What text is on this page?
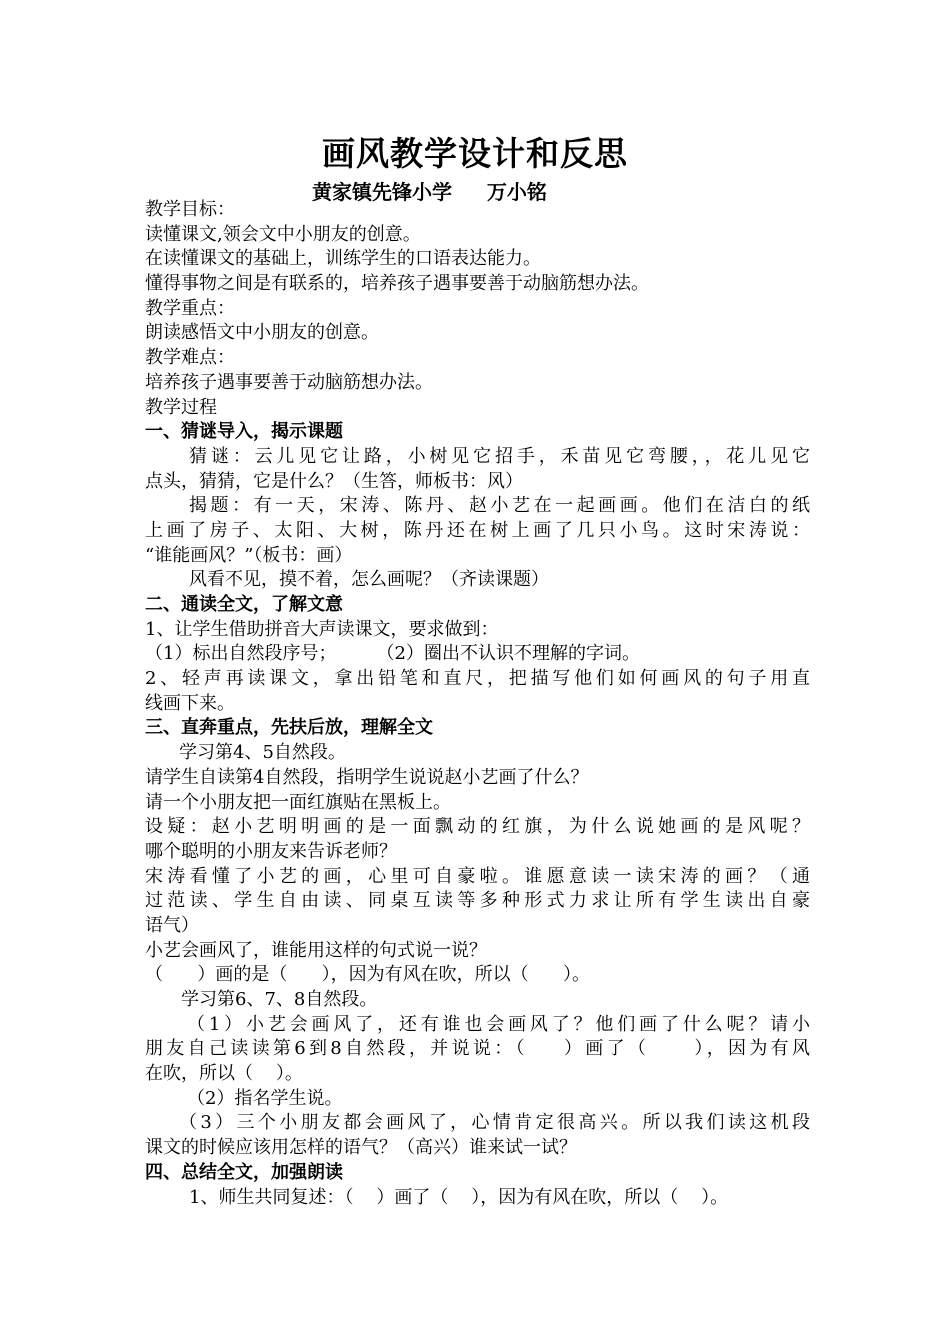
画风教学设计和反思
黄家镇先锋小学     万小铭
教学目标：
读懂课文,领会文中小朋友的创意。
在读懂课文的基础上，训练学生的口语表达能力。
懂得事物之间是有联系的，培养孩子遇事要善于动脑筋想办法。
教学重点：
朗读感悟文中小朋友的创意。
教学难点：
培养孩子遇事要善于动脑筋想办法。
教学过程
一、猜谜导入，揭示课题
猜谜：云儿见它让路，小树见它招手，禾苗见它弯腰，，花儿见它
点头，猜猜，它是什么？（生答，师板书：风）
揭题：有一天，宋涛、陈丹、赵小艺在一起画画。他们在洁白的纸
上画了房子、太阳、大树，陈丹还在树上画了几只小鸟。这时宋涛说：
“谁能画风？”（板书：画）
风看不见，摸不着，怎么画呢？（齐读课题）
二、通读全文，了解文意
1、让学生借助拼音大声读课文，要求做到：
（1）标出自然段序号；       （2）圈出不认识不理解的字词。
2、轻声再读课文，拿出铅笔和直尺，把描写他们如何画风的句子用直
线画下来。
三、直奔重点，先扶后放，理解全文
学习第4、5自然段。
请学生自读第4自然段，指明学生说说赵小艺画了什么？
请一个小朋友把一面红旗贴在黑板上。
设疑：赵小艺明明画的是一面飘动的红旗，为什么说她画的是风呢？
哪个聪明的小朋友来告诉老师？
宋涛看懂了小艺的画，心里可自豪啦。谁愿意读一读宋涛的画？（通
过范读、学生自由读、同桌互读等多种形式力求让所有学生读出自豪
语气）
小艺会画风了，谁能用这样的句式说一说？
（      ）画的是（      ），因为有风在吹，所以（      ）。
学习第6、7、8自然段。
（1）小艺会画风了，还有谁也会画风了？他们画了什么呢？请小
朋友自己读读第6到8自然段，并说说：（    ）画了（     ），因为有风
在吹，所以（    ）。
（2）指名学生说。
（3）三个小朋友都会画风了，心情肯定很高兴。所以我们读这机段
课文的时候应该用怎样的语气？（高兴）谁来试一试？
四、总结全文，加强朗读
1、师生共同复述：（    ）画了（    ），因为有风在吹，所以（    ）。
